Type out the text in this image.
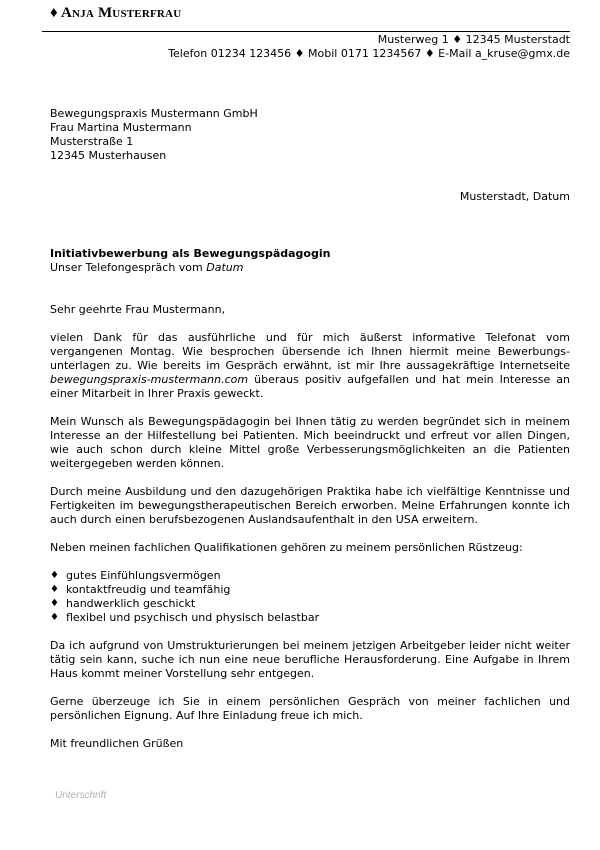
♦ Anja Musterfrau
Musterweg 1 ♦ 12345 Musterstadt
Telefon 01234 123456 ♦ Mobil 0171 1234567 ♦ E-Mail a_kruse@gmx.de
Bewegungspraxis Mustermann GmbH
Frau Martina Mustermann
Musterstraße 1
12345 Musterhausen
Musterstadt, Datum
Initiativbewerbung als Bewegungspädagogin
Unser Telefongespräch vom Datum

Sehr geehrte Frau Mustermann,

vielen Dank für das ausführliche und für mich äußerst informative Telefonat vom vergangenen Montag. Wie besprochen übersende ich Ihnen hiermit meine Bewerbungs-unterlagen zu. Wie bereits im Gespräch erwähnt, ist mir Ihre aussagekräftige Internetseite bewegungspraxis-mustermann.com überaus positiv aufgefallen und hat mein Interesse an einer Mitarbeit in Ihrer Praxis geweckt.

Mein Wunsch als Bewegungspädagogin bei Ihnen tätig zu werden begründet sich in meinem Interesse an der Hilfestellung bei Patienten. Mich beeindruckt und erfreut vor allen Dingen, wie auch schon durch kleine Mittel große Verbesserungsmöglichkeiten an die Patienten weitergegeben werden können.

Durch meine Ausbildung und den dazugehörigen Praktika habe ich vielfältige Kenntnisse und Fertigkeiten im bewegungstherapeutischen Bereich erworben. Meine Erfahrungen konnte ich auch durch einen berufsbezogenen Auslandsaufenthalt in den USA erweitern.

Neben meinen fachlichen Qualifikationen gehören zu meinem persönlichen Rüstzeug:

♦ gutes Einfühlungsvermögen
♦ kontaktfreudig und teamfähig
♦ handwerklich geschickt
♦ flexibel und psychisch und physisch belastbar

Da ich aufgrund von Umstrukturierungen bei meinem jetzigen Arbeitgeber leider nicht weiter tätig sein kann, suche ich nun eine neue berufliche Herausforderung. Eine Aufgabe in Ihrem Haus kommt meiner Vorstellung sehr entgegen.

Gerne überzeuge ich Sie in einem persönlichen Gespräch von meiner fachlichen und persönlichen Eignung. Auf Ihre Einladung freue ich mich.

Mit freundlichen Grüßen

Unterschrift
